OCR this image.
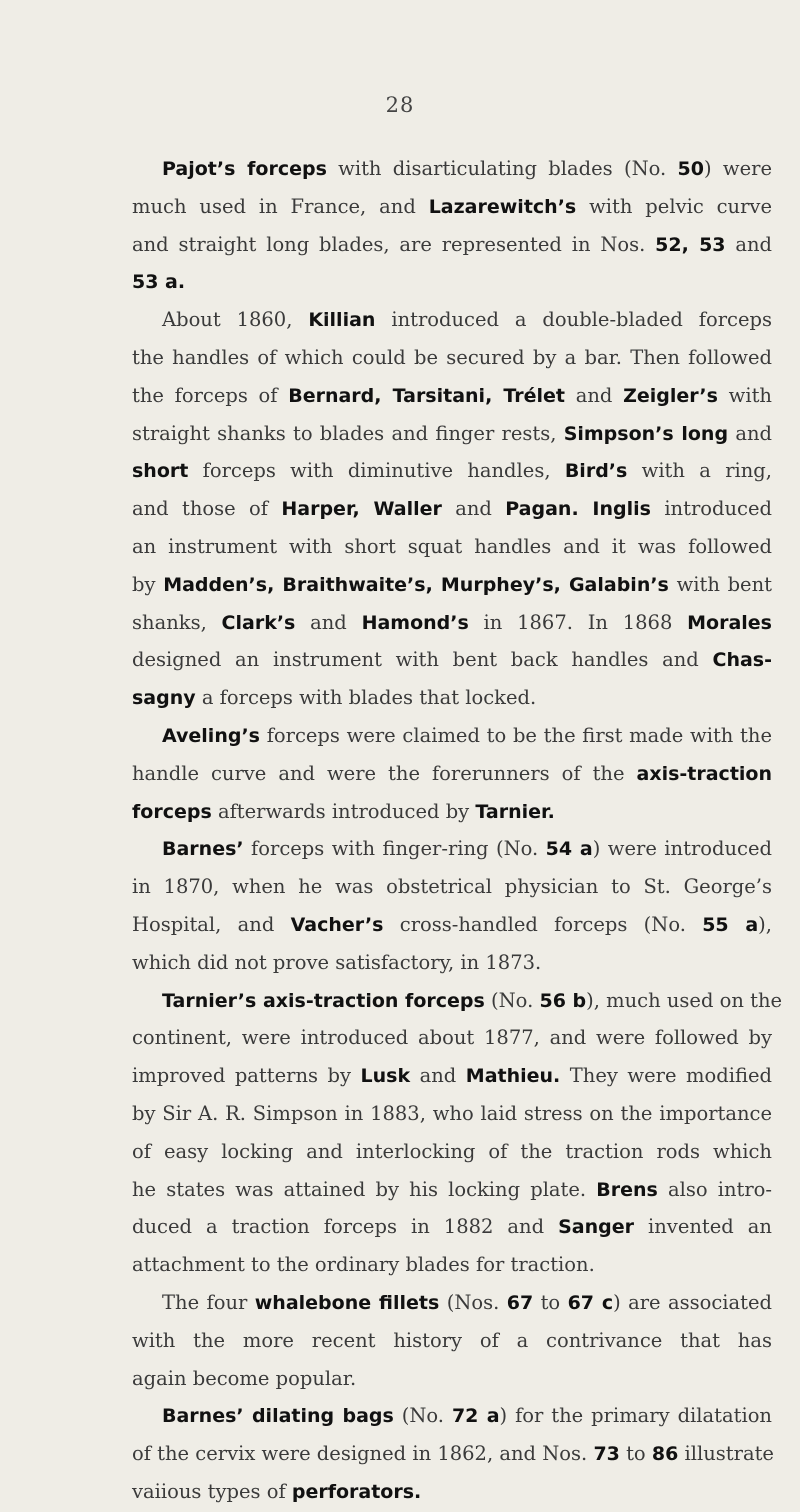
28
Pajot’s forceps with disarticulating blades (No. 50) were
much used in France, and Lazarewitch’s with pelvic curve
and straight long blades, are represented in Nos. 52, 53 and
53 a.
About 1860, Killian introduced a double-bladed forceps
the handles of which could be secured by a bar. Then followed
the forceps of Bernard, Tarsitani, Trélet and Zeigler’s with
straight shanks to blades and finger rests, Simpson’s long and
short forceps with diminutive handles, Bird’s with a ring,
and those of Harper, Waller and Pagan. Inglis introduced
an instrument with short squat handles and it was followed
by Madden’s, Braithwaite’s, Murphey’s, Galabin’s with bent
shanks, Clark’s and Hamond’s in 1867. In 1868 Morales
designed an instrument with bent back handles and Chas-
sagny a forceps with blades that locked.
Aveling’s forceps were claimed to be the first made with the
handle curve and were the forerunners of the axis-traction
forceps afterwards introduced by Tarnier.
Barnes’ forceps with finger-ring (No. 54 a) were introduced
in 1870, when he was obstetrical physician to St. George’s
Hospital, and Vacher’s cross-handled forceps (No. 55 a),
which did not prove satisfactory, in 1873.
Tarnier’s axis-traction forceps (No. 56 b), much used on the
continent, were introduced about 1877, and were followed by
improved patterns by Lusk and Mathieu. They were modified
by Sir A. R. Simpson in 1883, who laid stress on the importance
of easy locking and interlocking of the traction rods which
he states was attained by his locking plate. Brens also intro-
duced a traction forceps in 1882 and Sanger invented an
attachment to the ordinary blades for traction.
The four whalebone fillets (Nos. 67 to 67 c) are associated
with the more recent history of a contrivance that has
again become popular.
Barnes’ dilating bags (No. 72 a) for the primary dilatation
of the cervix were designed in 1862, and Nos. 73 to 86 illustrate
vaiious types of perforators.
